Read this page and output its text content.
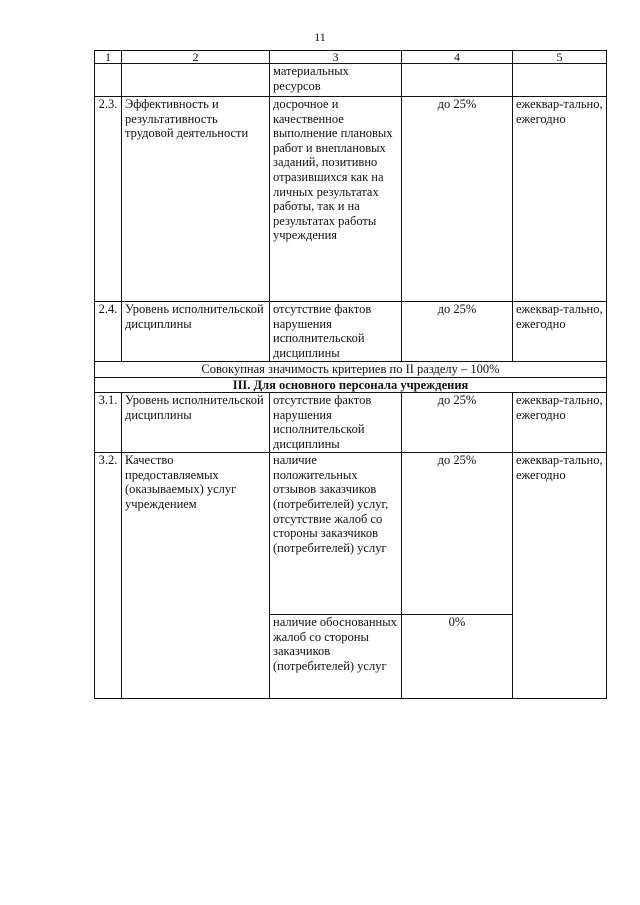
11
1	2	3	4	5
		материальных ресурсов		
2.3.	Эффективность и результативность трудовой деятельности	досрочное и качественное выполнение плановых работ и внеплановых заданий, позитивно отразившихся как на личных результатах работы, так и на результатах работы учреждения	до 25%	ежеквар-тально, ежегодно
2.4.	Уровень исполнительской дисциплины	отсутствие фактов нарушения исполнительской дисциплины	до 25%	ежеквар-тально, ежегодно
Совокупная значимость критериев по II разделу – 100%				
III. Для основного персонала учреждения				
3.1.	Уровень исполнительской дисциплины	отсутствие фактов нарушения исполнительской дисциплины	до 25%	ежеквар-тально, ежегодно
3.2.	Качество предоставляемых (оказываемых) услуг учреждением	наличие положительных отзывов заказчиков (потребителей) услуг, отсутствие жалоб со стороны заказчиков (потребителей) услуг	до 25%	ежеквар-тально, ежегодно
		наличие обоснованных жалоб со стороны заказчиков (потребителей) услуг	0%	
